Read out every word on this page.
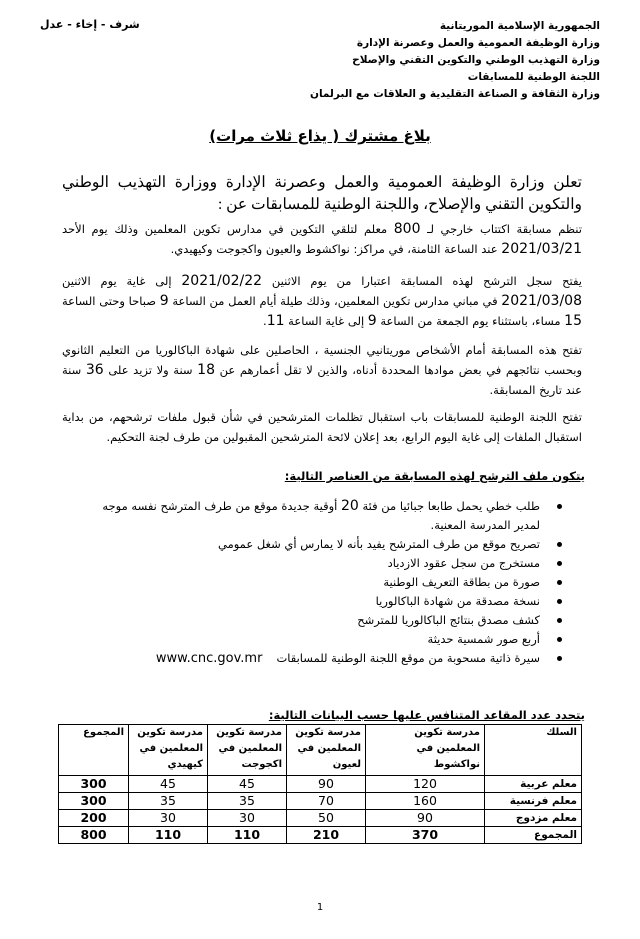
شرف - إخاء - عدل	الجمهورية الإسلامية الموريتانية
وزارة الوظيفة العمومية والعمل وعصرنة الإدارة
وزارة التهذيب الوطني والتكوين التقني والإصلاح
اللجنة الوطنية للمسابقات
وزارة الثقافة و الصناعة التقليدية و العلاقات مع البرلمان
بلاغ مشترك ( يذاع ثلاث مرات)
تعلن وزارة الوظيفة العمومية والعمل وعصرنة الإدارة ووزارة التهذيب الوطني والتكوين التقني والإصلاح، واللجنة الوطنية للمسابقات عن :
تنظم مسابقة اكتتاب خارجي لـ 800 معلم لتلقي التكوين في مدارس تكوين المعلمين وذلك يوم الأحد 2021/03/21 عند الساعة الثامنة، في مراكز: نواكشوط والعيون واكجوجت وكيهيدي.
يفتح سجل الترشح لهذه المسابقة اعتبارا من يوم الاثنين 2021/02/22 إلى غاية يوم الاثنين 2021/03/08 في مباني مدارس تكوين المعلمين، وذلك طيلة أيام العمل من الساعة 9 صباحا وحتى الساعة 15 مساء، باستثناء يوم الجمعة من الساعة 9 إلى غاية الساعة 11.
تفتح هذه المسابقة أمام الأشخاص موريتانيي الجنسية ، الحاصلين على شهادة الباكالوريا من التعليم الثانوي وبحسب نتائجهم في بعض موادها المحددة أدناه، والذين لا تقل أعمارهم عن 18 سنة ولا تزيد على 36 سنة عند تاريخ المسابقة.
تفتح اللجنة الوطنية للمسابقات باب استقبال تظلمات المترشحين في شأن قبول ملفات ترشحهم، من بداية استقبال الملفات إلى غاية اليوم الرابع، بعد إعلان لائحة المترشحين المقبولين من طرف لجنة التحكيم.
يتكون ملف الترشح لهذه المسابقة من العناصر التالية:
طلب خطي يحمل طابعا جبائيا من فئة 20 أوقية جديدة موقع من طرف المترشح نفسه موجه لمدير المدرسة المعنية.
تصريح موقع من طرف المترشح يفيد بأنه لا يمارس أي شغل عمومي
مستخرج من سجل عقود الازدياد
صورة من بطاقة التعريف الوطنية
نسخة مصدقة من شهادة الباكالوريا
كشف مصدق بنتائج الباكالوريا للمترشح
أربع صور شمسية حديثة
سيرة ذاتية مسحوبة من موقع اللجنة الوطنية للمسابقاتwww.cnc.gov.mr
يتحدد عدد المقاعد المتنافس عليها حسب البيانات التالية:
السلك	مدرسة تكوين المعلمين في نواكشوط	مدرسة تكوين المعلمين في لعيون	مدرسة تكوين المعلمين في اكجوجت	مدرسة تكوين المعلمين في كيهيدي	المجموع
معلم عربية	120	90	45	45	300
معلم فرنسية	160	70	35	35	300
معلم مزدوج	90	50	30	30	200
المجموع	370	210	110	110	800
1
